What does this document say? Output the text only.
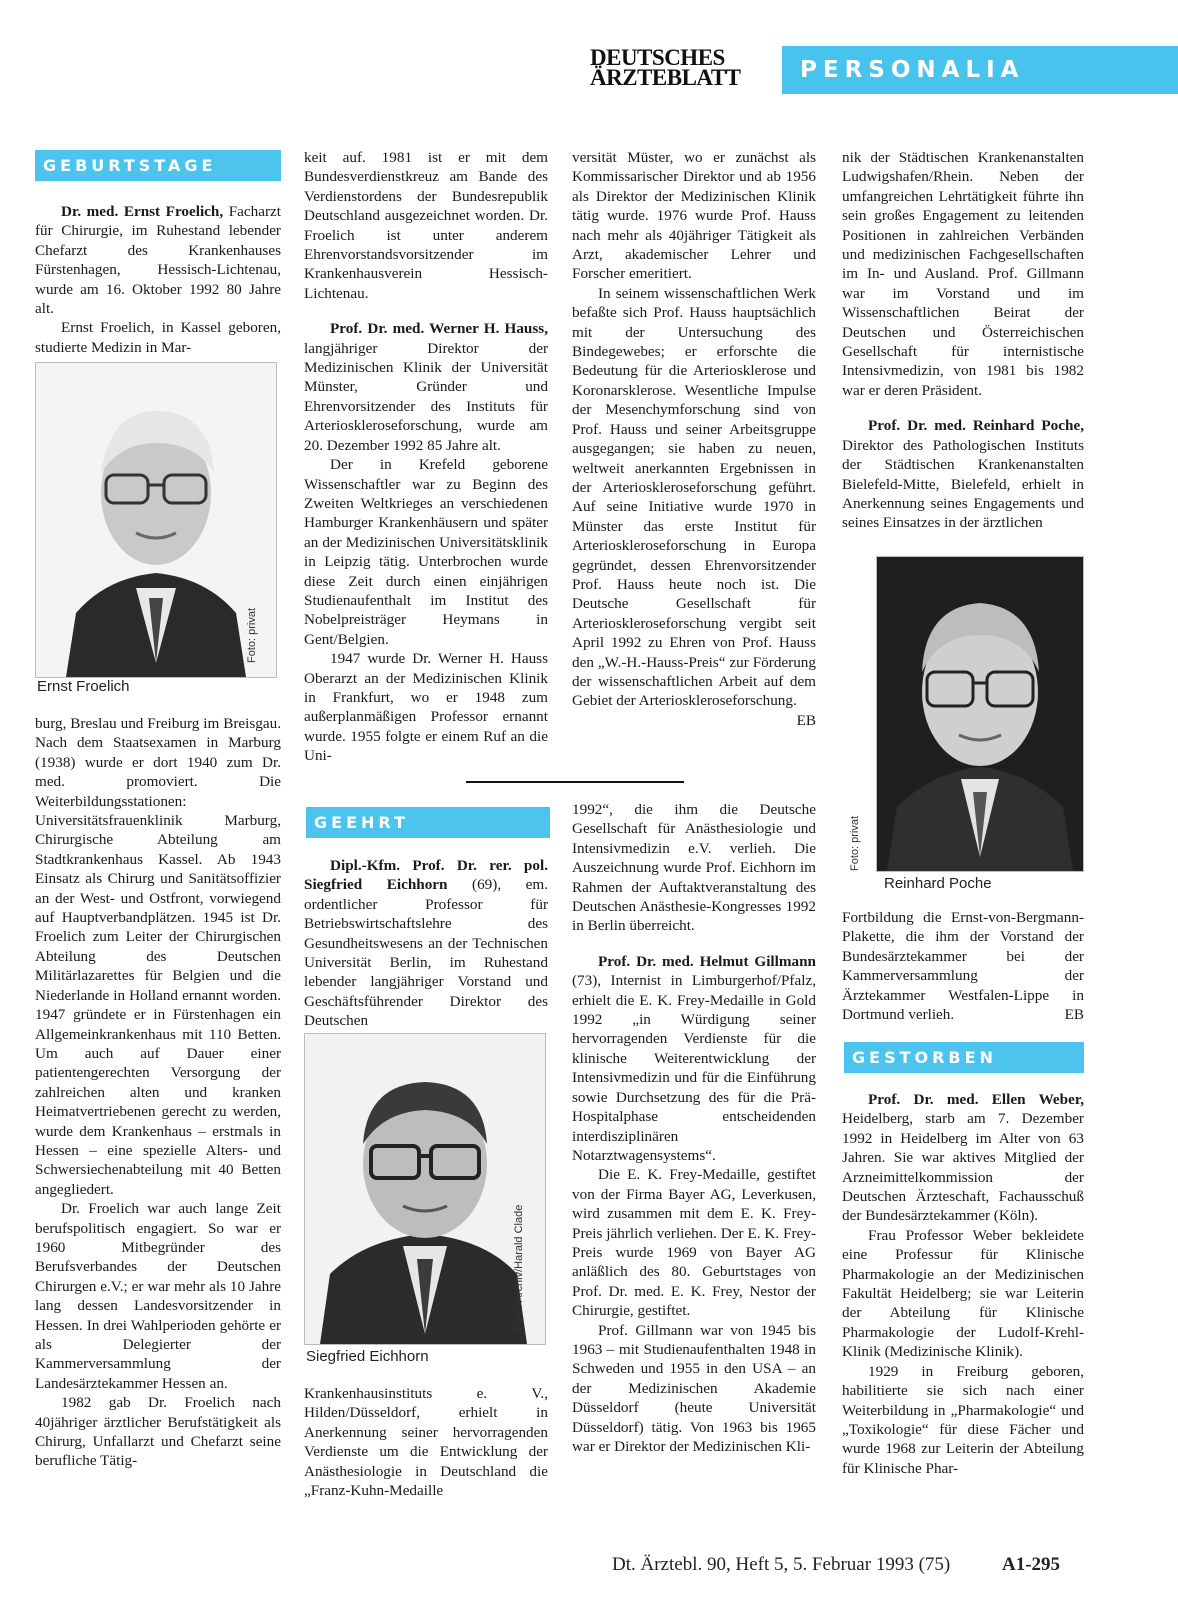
DEUTSCHES
ÄRZTEBLATT	PERSONALIA
GEBURTSTAGE

Dr. med. Ernst Froelich, Facharzt für Chirurgie, im Ruhestand lebender Chefarzt des Krankenhauses Fürstenhagen, Hessisch-Lichtenau, wurde am 16. Oktober 1992 80 Jahre alt.

Ernst Froelich, in Kassel geboren, studierte Medizin in Mar-

Foto: privat
Ernst Froelich

burg, Breslau und Freiburg im Breisgau. Nach dem Staatsexamen in Marburg (1938) wurde er dort 1940 zum Dr. med. promoviert. Die Weiterbildungsstationen: Universitätsfrauenklinik Marburg, Chirurgische Abteilung am Stadtkrankenhaus Kassel. Ab 1943 Einsatz als Chirurg und Sanitätsoffizier an der West- und Ostfront, vorwiegend auf Hauptverbandplätzen. 1945 ist Dr. Froelich zum Leiter der Chirurgischen Abteilung des Deutschen Militärlazarettes für Belgien und die Niederlande in Holland ernannt worden. 1947 gründete er in Fürstenhagen ein Allgemeinkrankenhaus mit 110 Betten. Um auch auf Dauer einer patientengerechten Versorgung der zahlreichen alten und kranken Heimatvertriebenen gerecht zu werden, wurde dem Krankenhaus – erstmals in Hessen – eine spezielle Alters- und Schwersiechenabteilung mit 40 Betten angegliedert.

Dr. Froelich war auch lange Zeit berufspolitisch engagiert. So war er 1960 Mitbegründer des Berufsverbandes der Deutschen Chirurgen e.V.; er war mehr als 10 Jahre lang dessen Landesvorsitzender in Hessen. In drei Wahlperioden gehörte er als Delegierter der Kammerversammlung der Landesärztekammer Hessen an.

1982 gab Dr. Froelich nach 40jähriger ärztlicher Berufstätigkeit als Chirurg, Unfallarzt und Chefarzt seine berufliche Tätig-

keit auf. 1981 ist er mit dem Bundesverdienstkreuz am Bande des Verdienstordens der Bundesrepublik Deutschland ausgezeichnet worden. Dr. Froelich ist unter anderem Ehrenvorstandsvorsitzender im Krankenhausverein Hessisch-Lichtenau.

Prof. Dr. med. Werner H. Hauss, langjähriger Direktor der Medizinischen Klinik der Universität Münster, Gründer und Ehrenvorsitzender des Instituts für Arterioskleroseforschung, wurde am 20. Dezember 1992 85 Jahre alt.

Der in Krefeld geborene Wissenschaftler war zu Beginn des Zweiten Weltkrieges an verschiedenen Hamburger Krankenhäusern und später an der Medizinischen Universitätsklinik in Leipzig tätig. Unterbrochen wurde diese Zeit durch einen einjährigen Studienaufenthalt im Institut des Nobelpreisträger Heymans in Gent/Belgien.

1947 wurde Dr. Werner H. Hauss Oberarzt an der Medizinischen Klinik in Frankfurt, wo er 1948 zum außerplanmäßigen Professor ernannt wurde. 1955 folgte er einem Ruf an die Uni-

GEEHRT

Dipl.-Kfm. Prof. Dr. rer. pol. Siegfried Eichhorn (69), em. ordentlicher Professor für Betriebswirtschaftslehre des Gesundheitswesens an der Technischen Universität Berlin, im Ruhestand lebender langjähriger Vorstand und Geschäftsführender Direktor des Deutschen

Foto: Archiv/Harald Clade
Siegfried Eichhorn

Krankenhausinstituts e. V., Hilden/Düsseldorf, erhielt in Anerkennung seiner hervorragenden Verdienste um die Entwicklung der Anästhesiologie in Deutschland die „Franz-Kuhn-Medaille

versität Müster, wo er zunächst als Kommissarischer Direktor und ab 1956 als Direktor der Medizinischen Klinik tätig wurde. 1976 wurde Prof. Hauss nach mehr als 40jähriger Tätigkeit als Arzt, akademischer Lehrer und Forscher emeritiert.

In seinem wissenschaftlichen Werk befaßte sich Prof. Hauss hauptsächlich mit der Untersuchung des Bindegewebes; er erforschte die Bedeutung für die Arteriosklerose und Koronarsklerose. Wesentliche Impulse der Mesenchymforschung sind von Prof. Hauss und seiner Arbeitsgruppe ausgegangen; sie haben zu neuen, weltweit anerkannten Ergebnissen in der Arterioskleroseforschung geführt. Auf seine Initiative wurde 1970 in Münster das erste Institut für Arterioskleroseforschung in Europa gegründet, dessen Ehrenvorsitzender Prof. Hauss heute noch ist. Die Deutsche Gesellschaft für Arterioskleroseforschung vergibt seit April 1992 zu Ehren von Prof. Hauss den „W.-H.-Hauss-Preis“ zur Förderung der wissenschaftlichen Arbeit auf dem Gebiet der Arterioskleroseforschung.
EB

1992“, die ihm die Deutsche Gesellschaft für Anästhesiologie und Intensivmedizin e.V. verlieh. Die Auszeichnung wurde Prof. Eichhorn im Rahmen der Auftaktveranstaltung des Deutschen Anästhesie-Kongresses 1992 in Berlin überreicht.

Prof. Dr. med. Helmut Gillmann (73), Internist in Limburgerhof/Pfalz, erhielt die E. K. Frey-Medaille in Gold 1992 „in Würdigung seiner hervorragenden Verdienste für die klinische Weiterentwicklung der Intensivmedizin und für die Einführung sowie Durchsetzung des für die Prä-Hospitalphase entscheidenden interdisziplinären Notarztwagensystems“.

Die E. K. Frey-Medaille, gestiftet von der Firma Bayer AG, Leverkusen, wird zusammen mit dem E. K. Frey-Preis jährlich verliehen. Der E. K. Frey-Preis wurde 1969 von Bayer AG anläßlich des 80. Geburtstages von Prof. Dr. med. E. K. Frey, Nestor der Chirurgie, gestiftet.

Prof. Gillmann war von 1945 bis 1963 – mit Studienaufenthalten 1948 in Schweden und 1955 in den USA – an der Medizinischen Akademie Düsseldorf (heute Universität Düsseldorf) tätig. Von 1963 bis 1965 war er Direktor der Medizinischen Kli-

nik der Städtischen Krankenanstalten Ludwigshafen/Rhein. Neben der umfangreichen Lehrtätigkeit führte ihn sein großes Engagement zu leitenden Positionen in zahlreichen Verbänden und medizinischen Fachgesellschaften im In- und Ausland. Prof. Gillmann war im Vorstand und im Wissenschaftlichen Beirat der Deutschen und Österreichischen Gesellschaft für internistische Intensivmedizin, von 1981 bis 1982 war er deren Präsident.

Prof. Dr. med. Reinhard Poche, Direktor des Pathologischen Instituts der Städtischen Krankenanstalten Bielefeld-Mitte, Bielefeld, erhielt in Anerkennung seines Engagements und seines Einsatzes in der ärztlichen

Foto: privat
Reinhard Poche

Fortbildung die Ernst-von-Bergmann-Plakette, die ihm der Vorstand der Bundesärztekammer bei der Kammerversammlung der Ärztekammer Westfalen-Lippe in Dortmund verlieh.	EB

GESTORBEN

Prof. Dr. med. Ellen Weber, Heidelberg, starb am 7. Dezember 1992 in Heidelberg im Alter von 63 Jahren. Sie war aktives Mitglied der Arzneimittelkommission der Deutschen Ärzteschaft, Fachausschuß der Bundesärztekammer (Köln).

Frau Professor Weber bekleidete eine Professur für Klinische Pharmakologie an der Medizinischen Fakultät Heidelberg; sie war Leiterin der Abteilung für Klinische Pharmakologie der Ludolf-Krehl-Klinik (Medizinische Klinik).

1929 in Freiburg geboren, habilitierte sie sich nach einer Weiterbildung in „Pharmakologie“ und „Toxikologie“ für diese Fächer und wurde 1968 zur Leiterin der Abteilung für Klinische Phar-

Dt. Ärztebl. 90, Heft 5, 5. Februar 1993 (75)	A1-295
